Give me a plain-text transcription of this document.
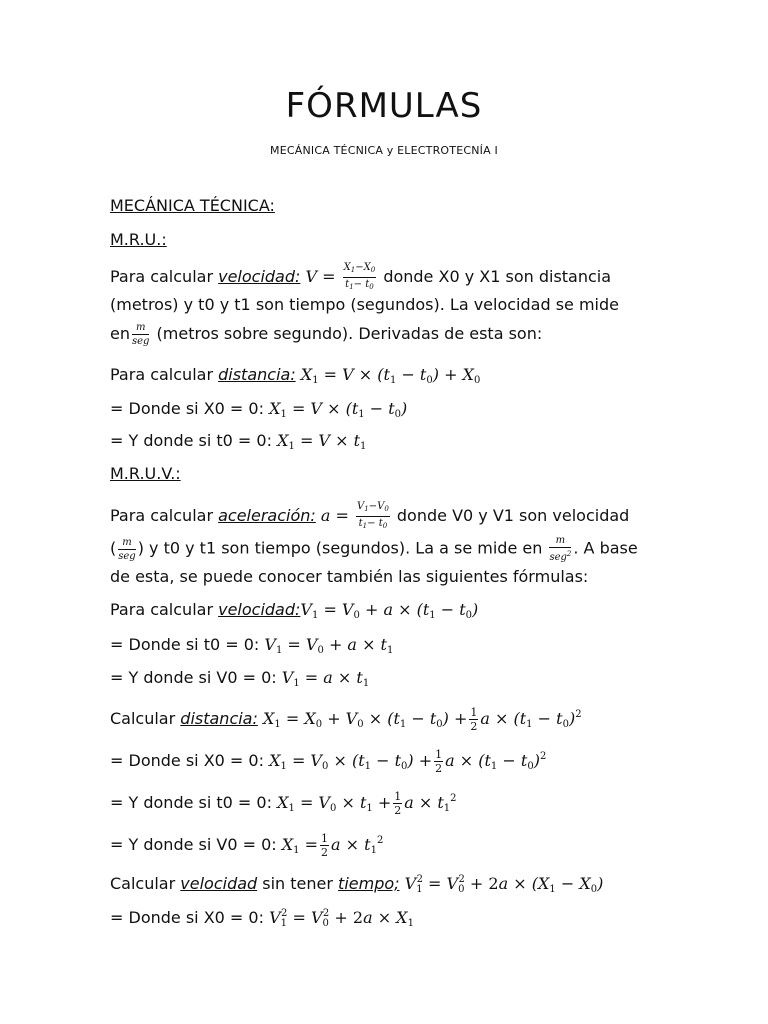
FÓRMULAS
MECÁNICA TÉCNICA y ELECTROTECNÍA I
MECÁNICA TÉCNICA:
M.R.U.:
Para calcular velocidad: $V = \frac{X_1-X_0}{t_1- t_0}$ donde X0 y X1 son distancia
(metros) y t0 y t1 son tiempo (segundos). La velocidad se mide
en $\frac{m}{\text{seg}}$ (metros sobre segundo). Derivadas de esta son:
Para calcular distancia: $X_1 = V \times (t_1 - t_0) + X_0$
= Donde si X0 = 0: $X_1 = V \times (t_1 - t_0)$
= Y donde si t0 = 0: $X_1 = V \times t_1$
M.R.U.V.:
Para calcular aceleración: $a = \frac{V_1-V_0}{t_1- t_0}$ donde V0 y V1 son velocidad
( $\frac{m}{\text{seg}}$ ) y t0 y t1 son tiempo (segundos). La a se mide en $\frac{m}{seg^2}$ . A base
de esta, se puede conocer también las siguientes fórmulas:
Para calcular $velocidad:V_1 = V_0 + a \times (t_1 - t_0)$
= Donde si t0 = 0: $V_1 = V_0 + a \times t_1$
= Y donde si V0 = 0: $V_1 = a \times t_1$
Calcular distancia: $X_1 = X_0 + V_0 \times (t_1 - t_0) + \frac{1}{2}$ $a \times (t_1 - t_0)^2$
= Donde si X0 = 0: $X_1 = V_0 \times (t_1 - t_0) + \frac{1}{2}$ $a \times (t_1 - t_0)^2$
= Y donde si t0 = 0: $X_1 = V_0 \times t_1 + \frac{1}{2}$ $a \times t_1^2$
= Y donde si V0 = 0: $X_1 = \frac{1}{2}$ $a \times t_1^2$
Calcular velocidad sin tener tiempo; $V_1^2 = V_0^2 + 2a \times (X_1 - X_0)$
= Donde si X0 = 0: $V_1^2 = V_0^2 + 2a \times X_1$
